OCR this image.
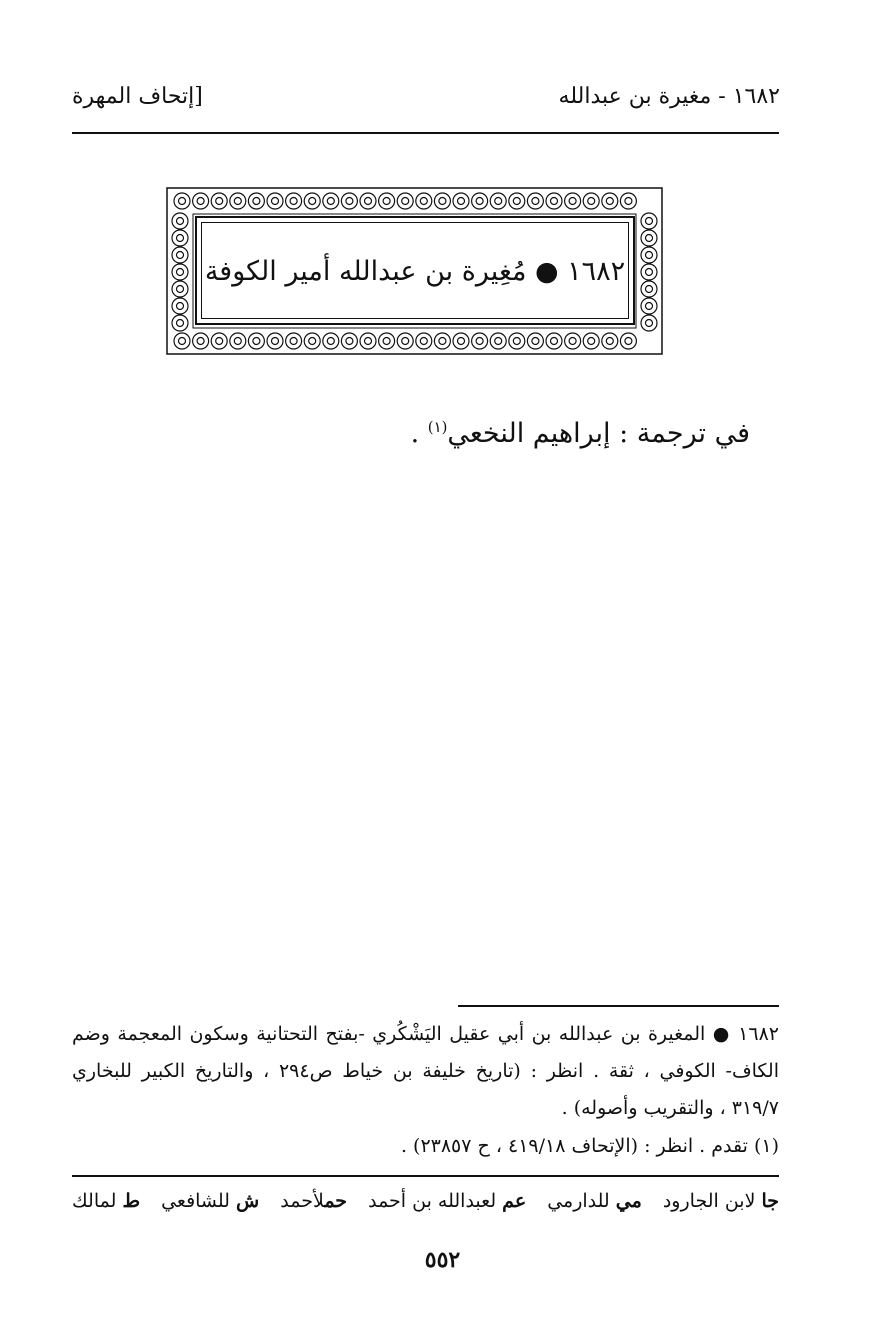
١٦٨٢ - مغيرة بن عبدالله
[إتحاف المهرة
١٦٨٢ ● مُغِيرة بن عبدالله أمير الكوفة
في ترجمة : إبراهيم النخعي$^{(١)}$ .

١٦٨٢ ● المغيرة بن عبدالله بن أبي عقيل اليَشْكُري -بفتح التحتانية وسكون المعجمة وضم

الكاف- الكوفي ، ثقة . انظر : (تاريخ خليفة بن خياط ص٢٩٤ ، والتاريخ الكبير للبخاري

٣١٩/٧ ، والتقريب وأصوله) .

(١) تقدم . انظر : (الإتحاف ٤١٩/١٨ ، ح ٢٣٨٥٧) .
ط لمالك	ش للشافعي	حملأحمد	عم لعبدالله بن أحمد	مي للدارمي	جا لابن الجارود
٥٥٢
